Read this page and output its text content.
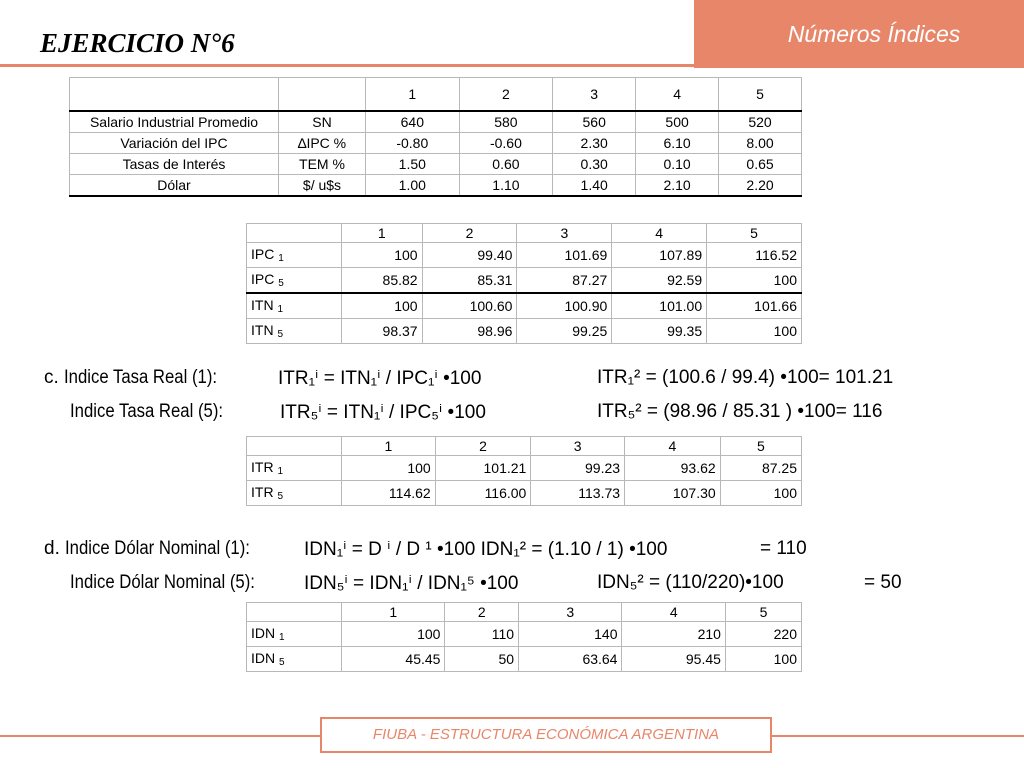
Números Índices
EJERCICIO N°6
		1	2	3	4	5
Salario Industrial Promedio	SN	640	580	560	500	520
Variación del IPC	∆IPC %	-0.80	-0.60	2.30	6.10	8.00
Tasas de Interés	TEM %	1.50	0.60	0.30	0.10	0.65
Dólar	$/ u$s	1.00	1.10	1.40	2.10	2.20
	1	2	3	4	5
IPC $_1$	100	99.40	101.69	107.89	116.52
IPC $_5$	85.82	85.31	87.27	92.59	100
ITN $_1$	100	100.60	100.90	101.00	101.66
ITN $_5$	98.37	98.96	99.25	99.35	100
c. Indice Tasa Real (1):	ITR₁ⁱ = ITN₁ⁱ / IPC₁ⁱ •100	ITR₁² = (100.6 / 99.4) •100= 101.21
Indice Tasa Real (5):	ITR₅ⁱ = ITN₁ⁱ / IPC₅ⁱ •100	ITR₅² = (98.96 / 85.31 ) •100= 116
	1	2	3	4	5
ITR $_1$	100	101.21	99.23	93.62	87.25
ITR $_5$	114.62	116.00	113.73	107.30	100
d. Indice Dólar Nominal (1):	IDN₁ⁱ = D ⁱ / D ¹ •100 IDN₁² = (1.10 / 1) •100	= 110
Indice Dólar Nominal (5):	IDN₅ⁱ = IDN₁ⁱ / IDN₁⁵ •100	IDN₅² = (110/220)•100	= 50
	1	2	3	4	5
IDN $_1$	100	110	140	210	220
IDN $_5$	45.45	50	63.64	95.45	100
FIUBA - ESTRUCTURA ECONÓMICA ARGENTINA
